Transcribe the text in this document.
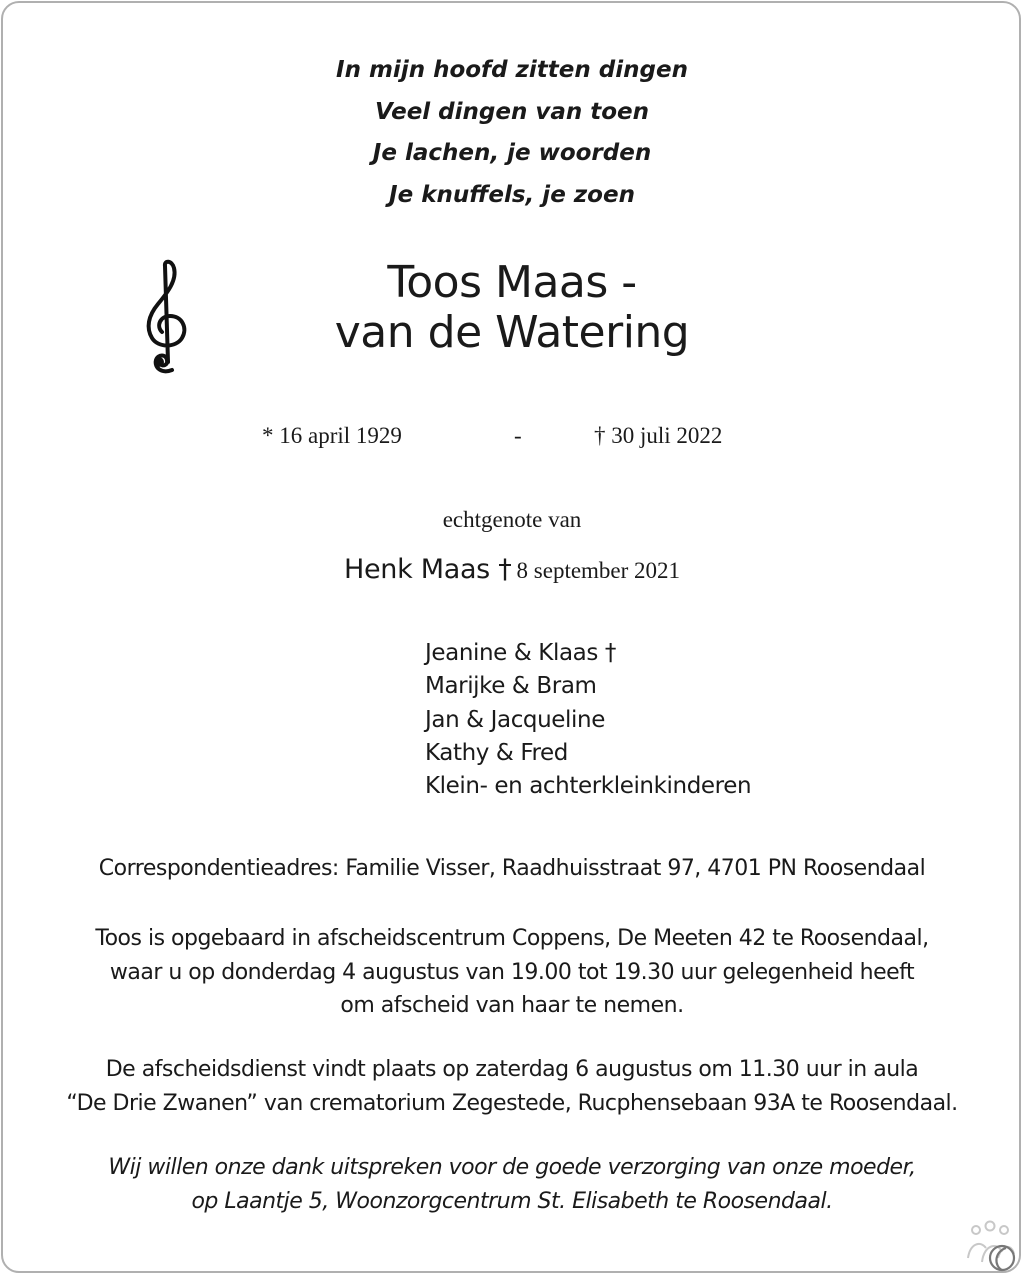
In mijn hoofd zitten dingen
Veel dingen van toen
Je lachen, je woorden
Je knuffels, je zoen
Toos Maas -
van de Watering
* 16 april 1929	-	† 30 juli 2022
echtgenote van
Henk Maas † 8 september 2021
Jeanine & Klaas †
Marijke & Bram
Jan & Jacqueline
Kathy & Fred
Klein- en achterkleinkinderen
Correspondentieadres: Familie Visser, Raadhuisstraat 97, 4701 PN Roosendaal
Toos is opgebaard in afscheidscentrum Coppens, De Meeten 42 te Roosendaal,
waar u op donderdag 4 augustus van 19.00 tot 19.30 uur gelegenheid heeft
om afscheid van haar te nemen.
De afscheidsdienst vindt plaats op zaterdag 6 augustus om 11.30 uur in aula
“De Drie Zwanen” van crematorium Zegestede, Rucphensebaan 93A te Roosendaal.
Wij willen onze dank uitspreken voor de goede verzorging van onze moeder,
op Laantje 5, Woonzorgcentrum St. Elisabeth te Roosendaal.
